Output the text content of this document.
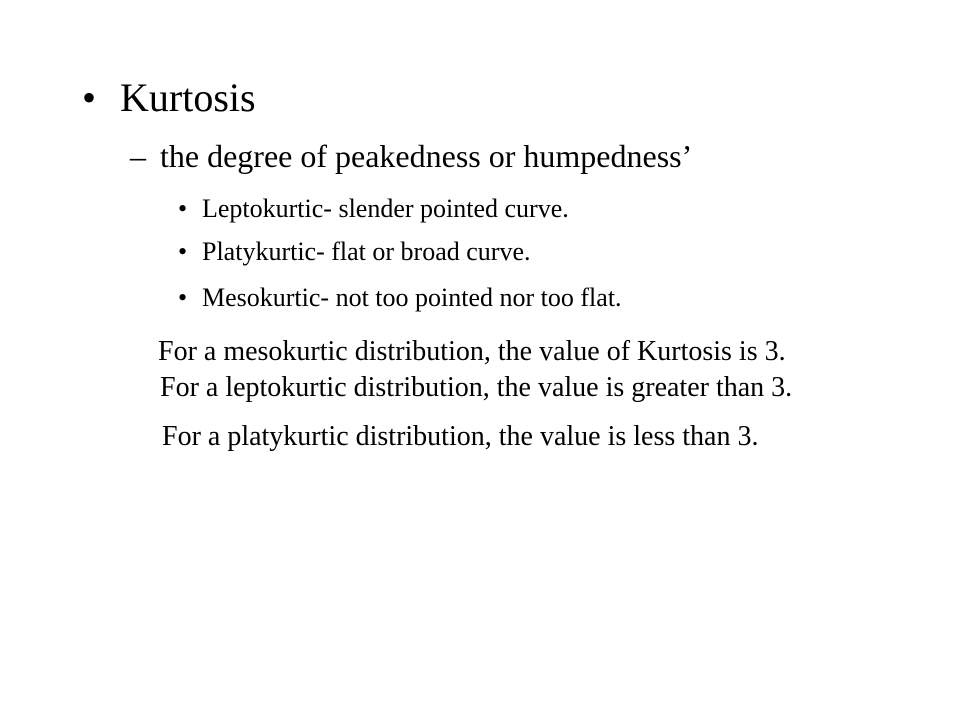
• Kurtosis
– the degree of peakedness or humpedness’
• Leptokurtic- slender pointed curve.
• Platykurtic- flat or broad curve.
• Mesokurtic- not too pointed nor too flat.
For a mesokurtic distribution, the value of Kurtosis is 3.
For a leptokurtic distribution, the value is greater than 3.
For a platykurtic distribution, the value is less than 3.
